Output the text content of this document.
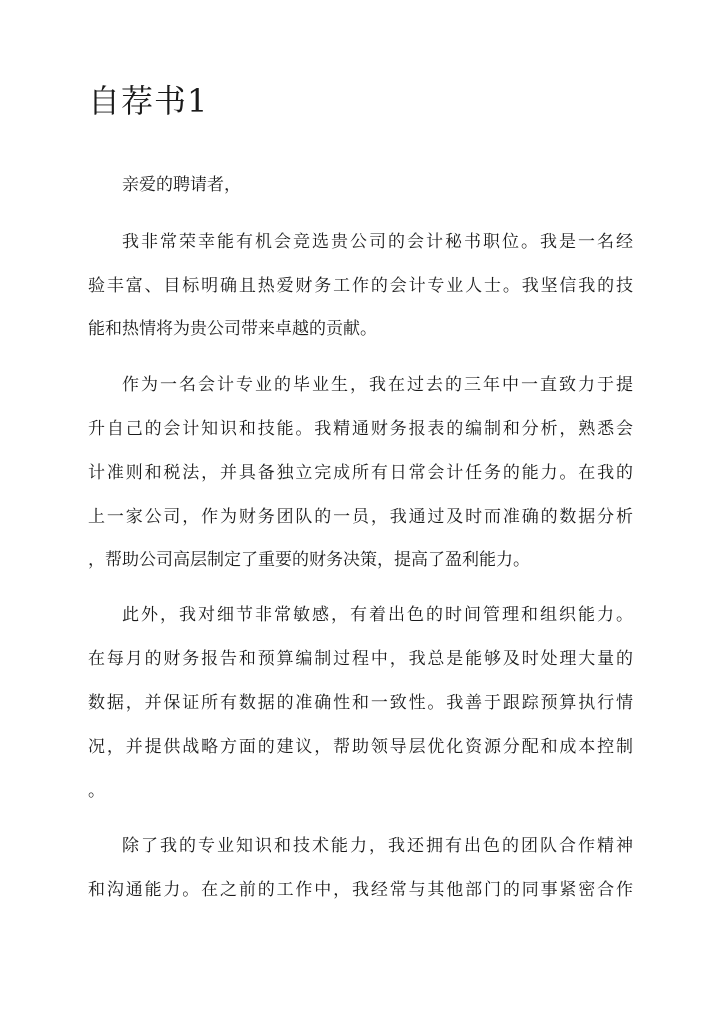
自荐书1

亲爱的聘请者，

我非常荣幸能有机会竞选贵公司的会计秘书职位。我是一名经

验丰富、目标明确且热爱财务工作的会计专业人士。我坚信我的技

能和热情将为贵公司带来卓越的贡献。

作为一名会计专业的毕业生，我在过去的三年中一直致力于提

升自己的会计知识和技能。我精通财务报表的编制和分析，熟悉会

计准则和税法，并具备独立完成所有日常会计任务的能力。在我的

上一家公司，作为财务团队的一员，我通过及时而准确的数据分析

，帮助公司高层制定了重要的财务决策，提高了盈利能力。

此外，我对细节非常敏感，有着出色的时间管理和组织能力。

在每月的财务报告和预算编制过程中，我总是能够及时处理大量的

数据，并保证所有数据的准确性和一致性。我善于跟踪预算执行情

况，并提供战略方面的建议，帮助领导层优化资源分配和成本控制

。

除了我的专业知识和技术能力，我还拥有出色的团队合作精神

和沟通能力。在之前的工作中，我经常与其他部门的同事紧密合作
